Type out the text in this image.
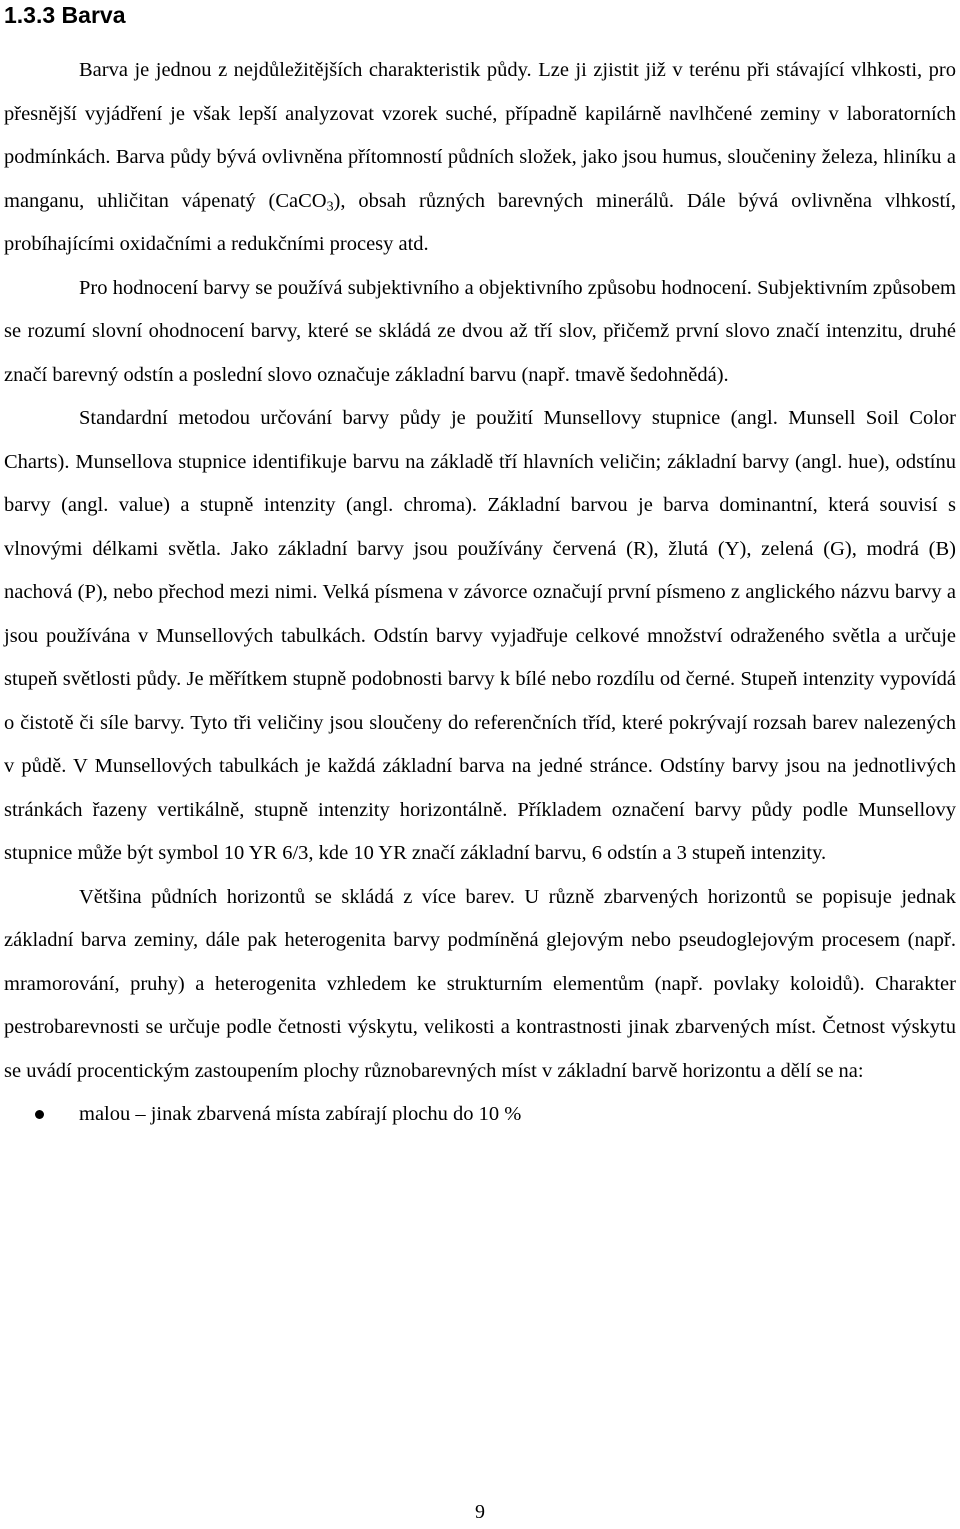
1.3.3 Barva

Barva je jednou z nejdůležitějších charakteristik půdy. Lze ji zjistit již v terénu při stávající vlhkosti, pro přesnější vyjádření je však lepší analyzovat vzorek suché, případně kapilárně navlhčené zeminy v laboratorních podmínkách. Barva půdy bývá ovlivněna přítomností půdních složek, jako jsou humus, sloučeniny železa, hliníku a manganu, uhličitan vápenatý (CaCO$_3$), obsah různých barevných minerálů. Dále bývá ovlivněna vlhkostí, probíhajícími oxidačními a redukčními procesy atd.

Pro hodnocení barvy se používá subjektivního a objektivního způsobu hodnocení. Subjektivním způsobem se rozumí slovní ohodnocení barvy, které se skládá ze dvou až tří slov, přičemž první slovo značí intenzitu, druhé značí barevný odstín a poslední slovo označuje základní barvu (např. tmavě šedohnědá).

Standardní metodou určování barvy půdy je použití Munsellovy stupnice (angl. Munsell Soil Color Charts). Munsellova stupnice identifikuje barvu na základě tří hlavních veličin; základní barvy (angl. hue), odstínu barvy (angl. value) a stupně intenzity (angl. chroma). Základní barvou je barva dominantní, která souvisí s vlnovými délkami světla. Jako základní barvy jsou používány červená (R), žlutá (Y), zelená (G), modrá (B) nachová (P), nebo přechod mezi nimi. Velká písmena v závorce označují první písmeno z anglického názvu barvy a jsou používána v Munsellových tabulkách. Odstín barvy vyjadřuje celkové množství odraženého světla a určuje stupeň světlosti půdy. Je měřítkem stupně podobnosti barvy k bílé nebo rozdílu od černé. Stupeň intenzity vypovídá o čistotě či síle barvy. Tyto tři veličiny jsou sloučeny do referenčních tříd, které pokrývají rozsah barev nalezených v půdě. V Munsellových tabulkách je každá základní barva na jedné stránce. Odstíny barvy jsou na jednotlivých stránkách řazeny vertikálně, stupně intenzity horizontálně. Příkladem označení barvy půdy podle Munsellovy stupnice může být symbol 10 YR 6/3, kde 10 YR značí základní barvu, 6 odstín a 3 stupeň intenzity.

Většina půdních horizontů se skládá z více barev. U různě zbarvených horizontů se popisuje jednak základní barva zeminy, dále pak heterogenita barvy podmíněná glejovým nebo pseudoglejovým procesem (např. mramorování, pruhy) a heterogenita vzhledem ke strukturním elementům (např. povlaky koloidů). Charakter pestrobarevnosti se určuje podle četnosti výskytu, velikosti a kontrastnosti jinak zbarvených míst. Četnost výskytu se uvádí procentickým zastoupením plochy různobarevných míst v základní barvě horizontu a dělí se na:

malou – jinak zbarvená místa zabírají plochu do 10 %
9
